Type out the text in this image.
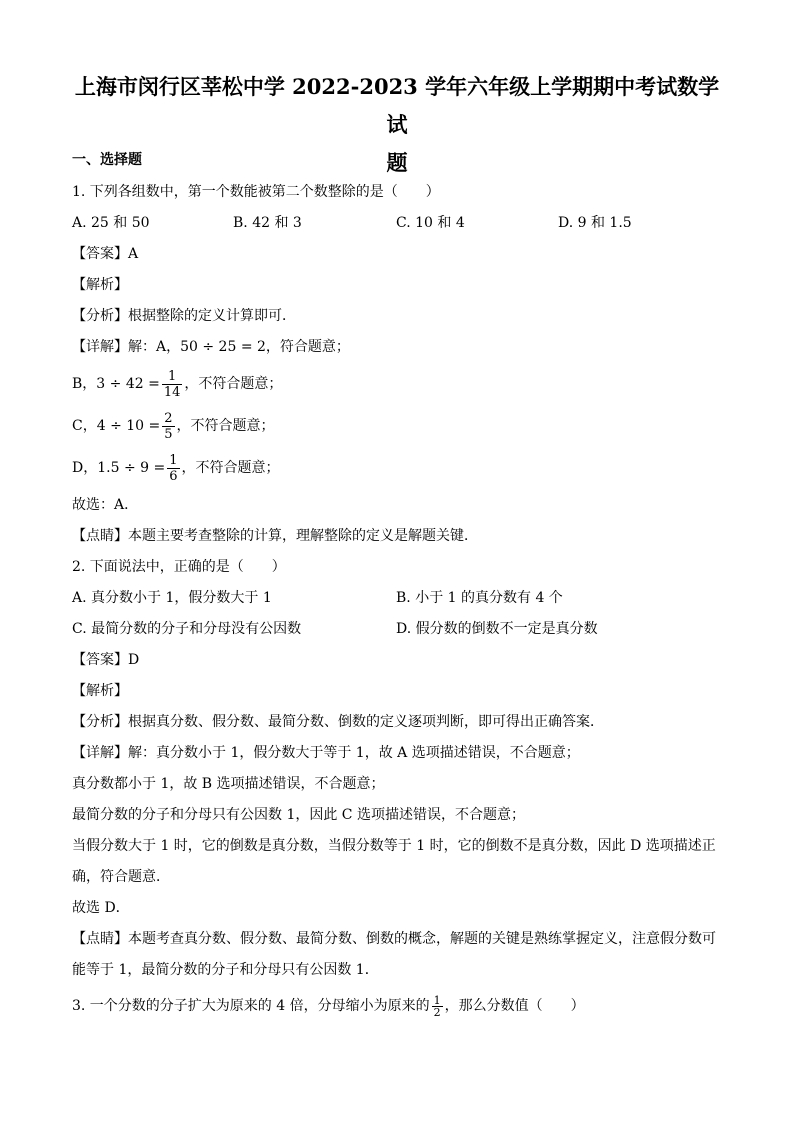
上海市闵行区莘松中学 2022-2023 学年六年级上学期期中考试数学试
题
一、选择题
1. 下列各组数中，第一个数能被第二个数整除的是（　　）
A. 25 和 50	B. 42 和 3	C. 10 和 4	D. 9 和 1.5
【答案】A
【解析】
【分析】根据整除的定义计算即可．
【详解】解：A，50 ÷ 25 = 2，符合题意；
B，$3 \div 42 = \frac{1}{14}$ ，不符合题意；
C，$4 \div 10 = \frac{2}{5}$ ，不符合题意；
D，$1.5 \div 9 = \frac{1}{6}$ ，不符合题意；
故选：A．
【点睛】本题主要考查整除的计算，理解整除的定义是解题关键．
2. 下面说法中，正确的是（　　）
A. 真分数小于 1，假分数大于 1	B. 小于 1 的真分数有 4 个
C. 最简分数的分子和分母没有公因数	D. 假分数的倒数不一定是真分数
【答案】D
【解析】
【分析】根据真分数、假分数、最简分数、倒数的定义逐项判断，即可得出正确答案．
【详解】解：真分数小于 1，假分数大于等于 1，故 A 选项描述错误，不合题意；
真分数都小于 1，故 B 选项描述错误，不合题意；
最简分数的分子和分母只有公因数 1，因此 C 选项描述错误，不合题意；
当假分数大于 1 时，它的倒数是真分数，当假分数等于 1 时，它的倒数不是真分数，因此 D 选项描述正
确，符合题意．
故选 D．
【点睛】本题考查真分数、假分数、最简分数、倒数的概念，解题的关键是熟练掌握定义，注意假分数可
能等于 1，最简分数的分子和分母只有公因数 1．
3. 一个分数的分子扩大为原来的 4 倍，分母缩小为原来的 $\frac{1}{2}$ ，那么分数值（　　）
